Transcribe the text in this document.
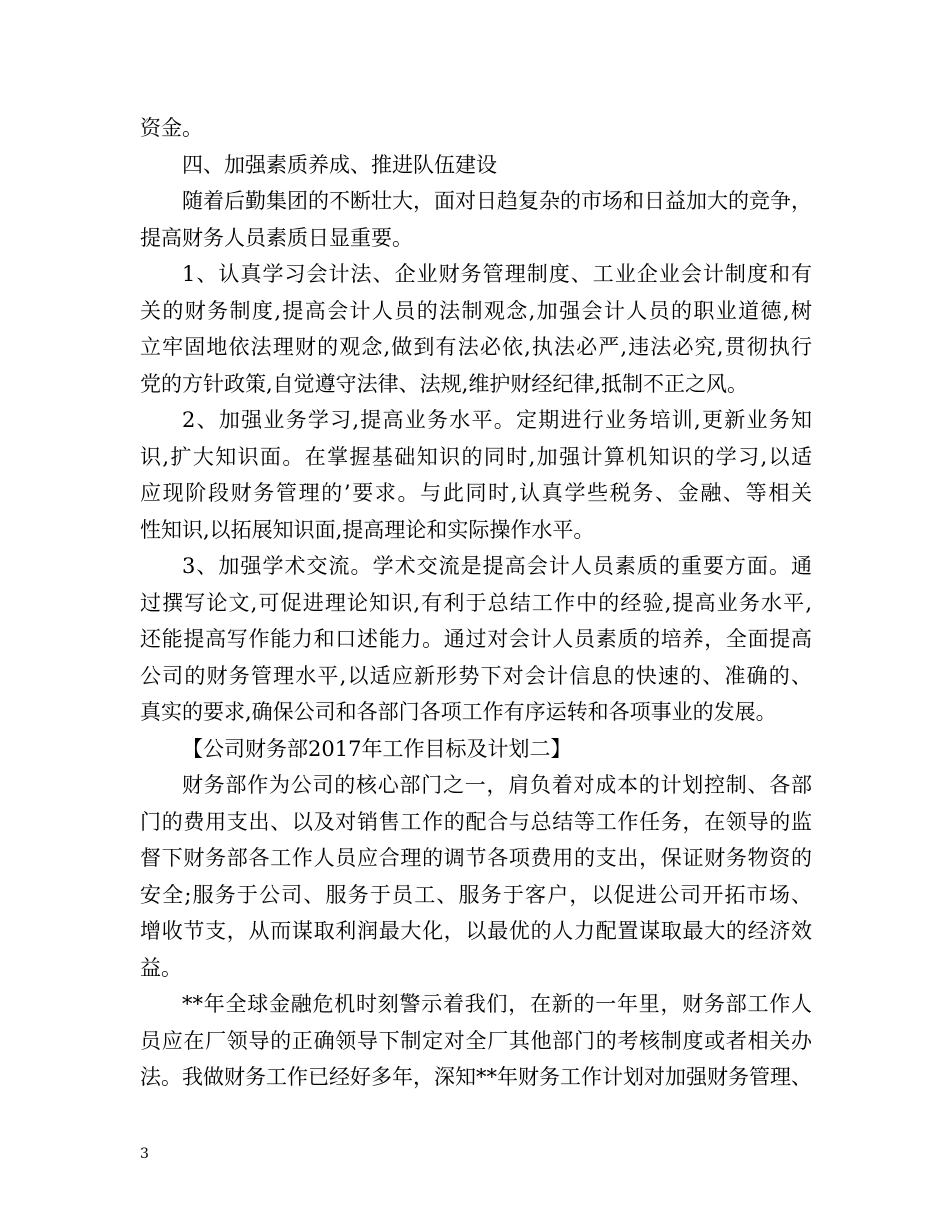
资金。
四、加强素质养成、推进队伍建设
随着后勤集团的不断壮大，面对日趋复杂的市场和日益加大的竞争，
提高财务人员素质日显重要。
1、认真学习会计法、企业财务管理制度、工业企业会计制度和有
关的财务制度,提高会计人员的法制观念,加强会计人员的职业道德,树
立牢固地依法理财的观念,做到有法必依,执法必严,违法必究,贯彻执行
党的方针政策,自觉遵守法律、法规,维护财经纪律,抵制不正之风。
2、加强业务学习,提高业务水平。定期进行业务培训,更新业务知
识,扩大知识面。在掌握基础知识的同时,加强计算机知识的学习,以适
应现阶段财务管理的’要求。与此同时,认真学些税务、金融、等相关
性知识,以拓展知识面,提高理论和实际操作水平。
3、加强学术交流。学术交流是提高会计人员素质的重要方面。通
过撰写论文,可促进理论知识,有利于总结工作中的经验,提高业务水平,
还能提高写作能力和口述能力。通过对会计人员素质的培养，全面提高
公司的财务管理水平,以适应新形势下对会计信息的快速的、准确的、
真实的要求,确保公司和各部门各项工作有序运转和各项事业的发展。
【公司财务部2017年工作目标及计划二】
财务部作为公司的核心部门之一，肩负着对成本的计划控制、各部
门的费用支出、以及对销售工作的配合与总结等工作任务，在领导的监
督下财务部各工作人员应合理的调节各项费用的支出，保证财务物资的
安全;服务于公司、服务于员工、服务于客户，以促进公司开拓市场、
增收节支，从而谋取利润最大化，以最优的人力配置谋取最大的经济效
益。
**年全球金融危机时刻警示着我们，在新的一年里，财务部工作人
员应在厂领导的正确领导下制定对全厂其他部门的考核制度或者相关办
法。我做财务工作已经好多年，深知**年财务工作计划对加强财务管理、
3
